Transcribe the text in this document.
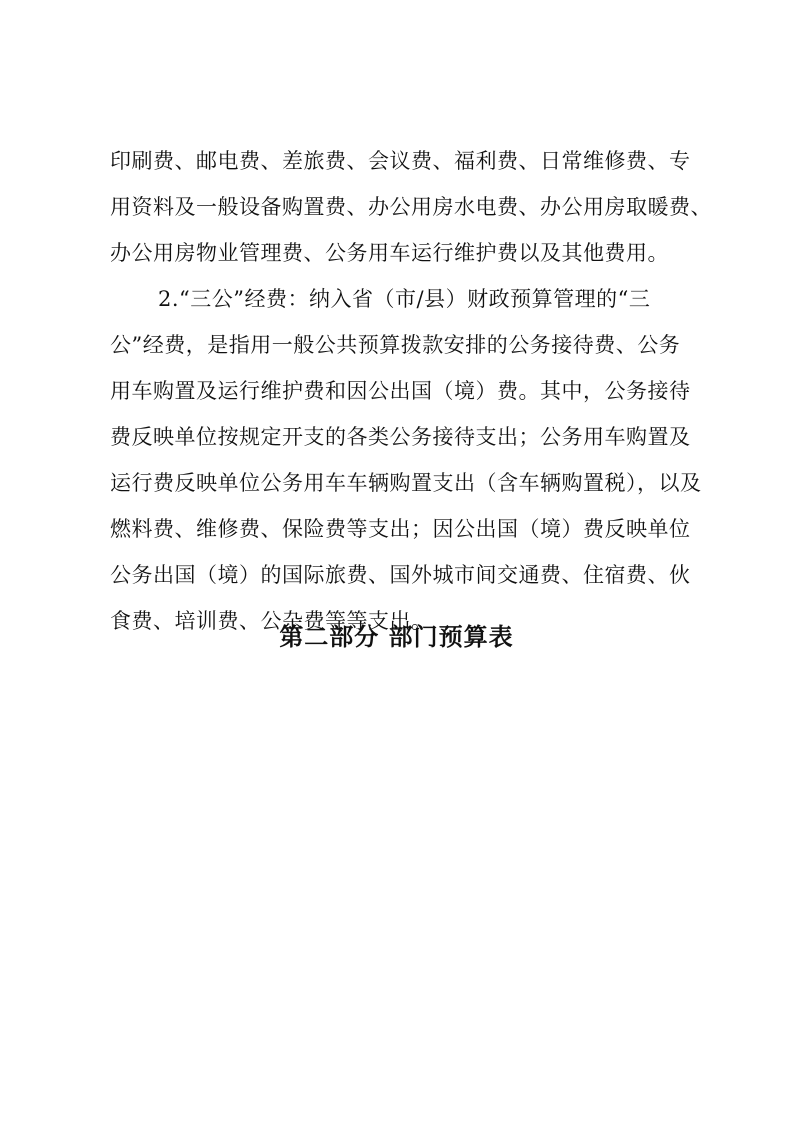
印刷费、邮电费、差旅费、会议费、福利费、日常维修费、专
用资料及一般设备购置费、办公用房水电费、办公用房取暖费、
办公用房物业管理费、公务用车运行维护费以及其他费用。
2.“三公”经费：纳入省（市/县）财政预算管理的“三
公”经费，是指用一般公共预算拨款安排的公务接待费、公务
用车购置及运行维护费和因公出国（境）费。其中，公务接待
费反映单位按规定开支的各类公务接待支出；公务用车购置及
运行费反映单位公务用车车辆购置支出（含车辆购置税），以及
燃料费、维修费、保险费等支出；因公出国（境）费反映单位
公务出国（境）的国际旅费、国外城市间交通费、住宿费、伙
食费、培训费、公杂费等等支出。
第二部分 部门预算表
